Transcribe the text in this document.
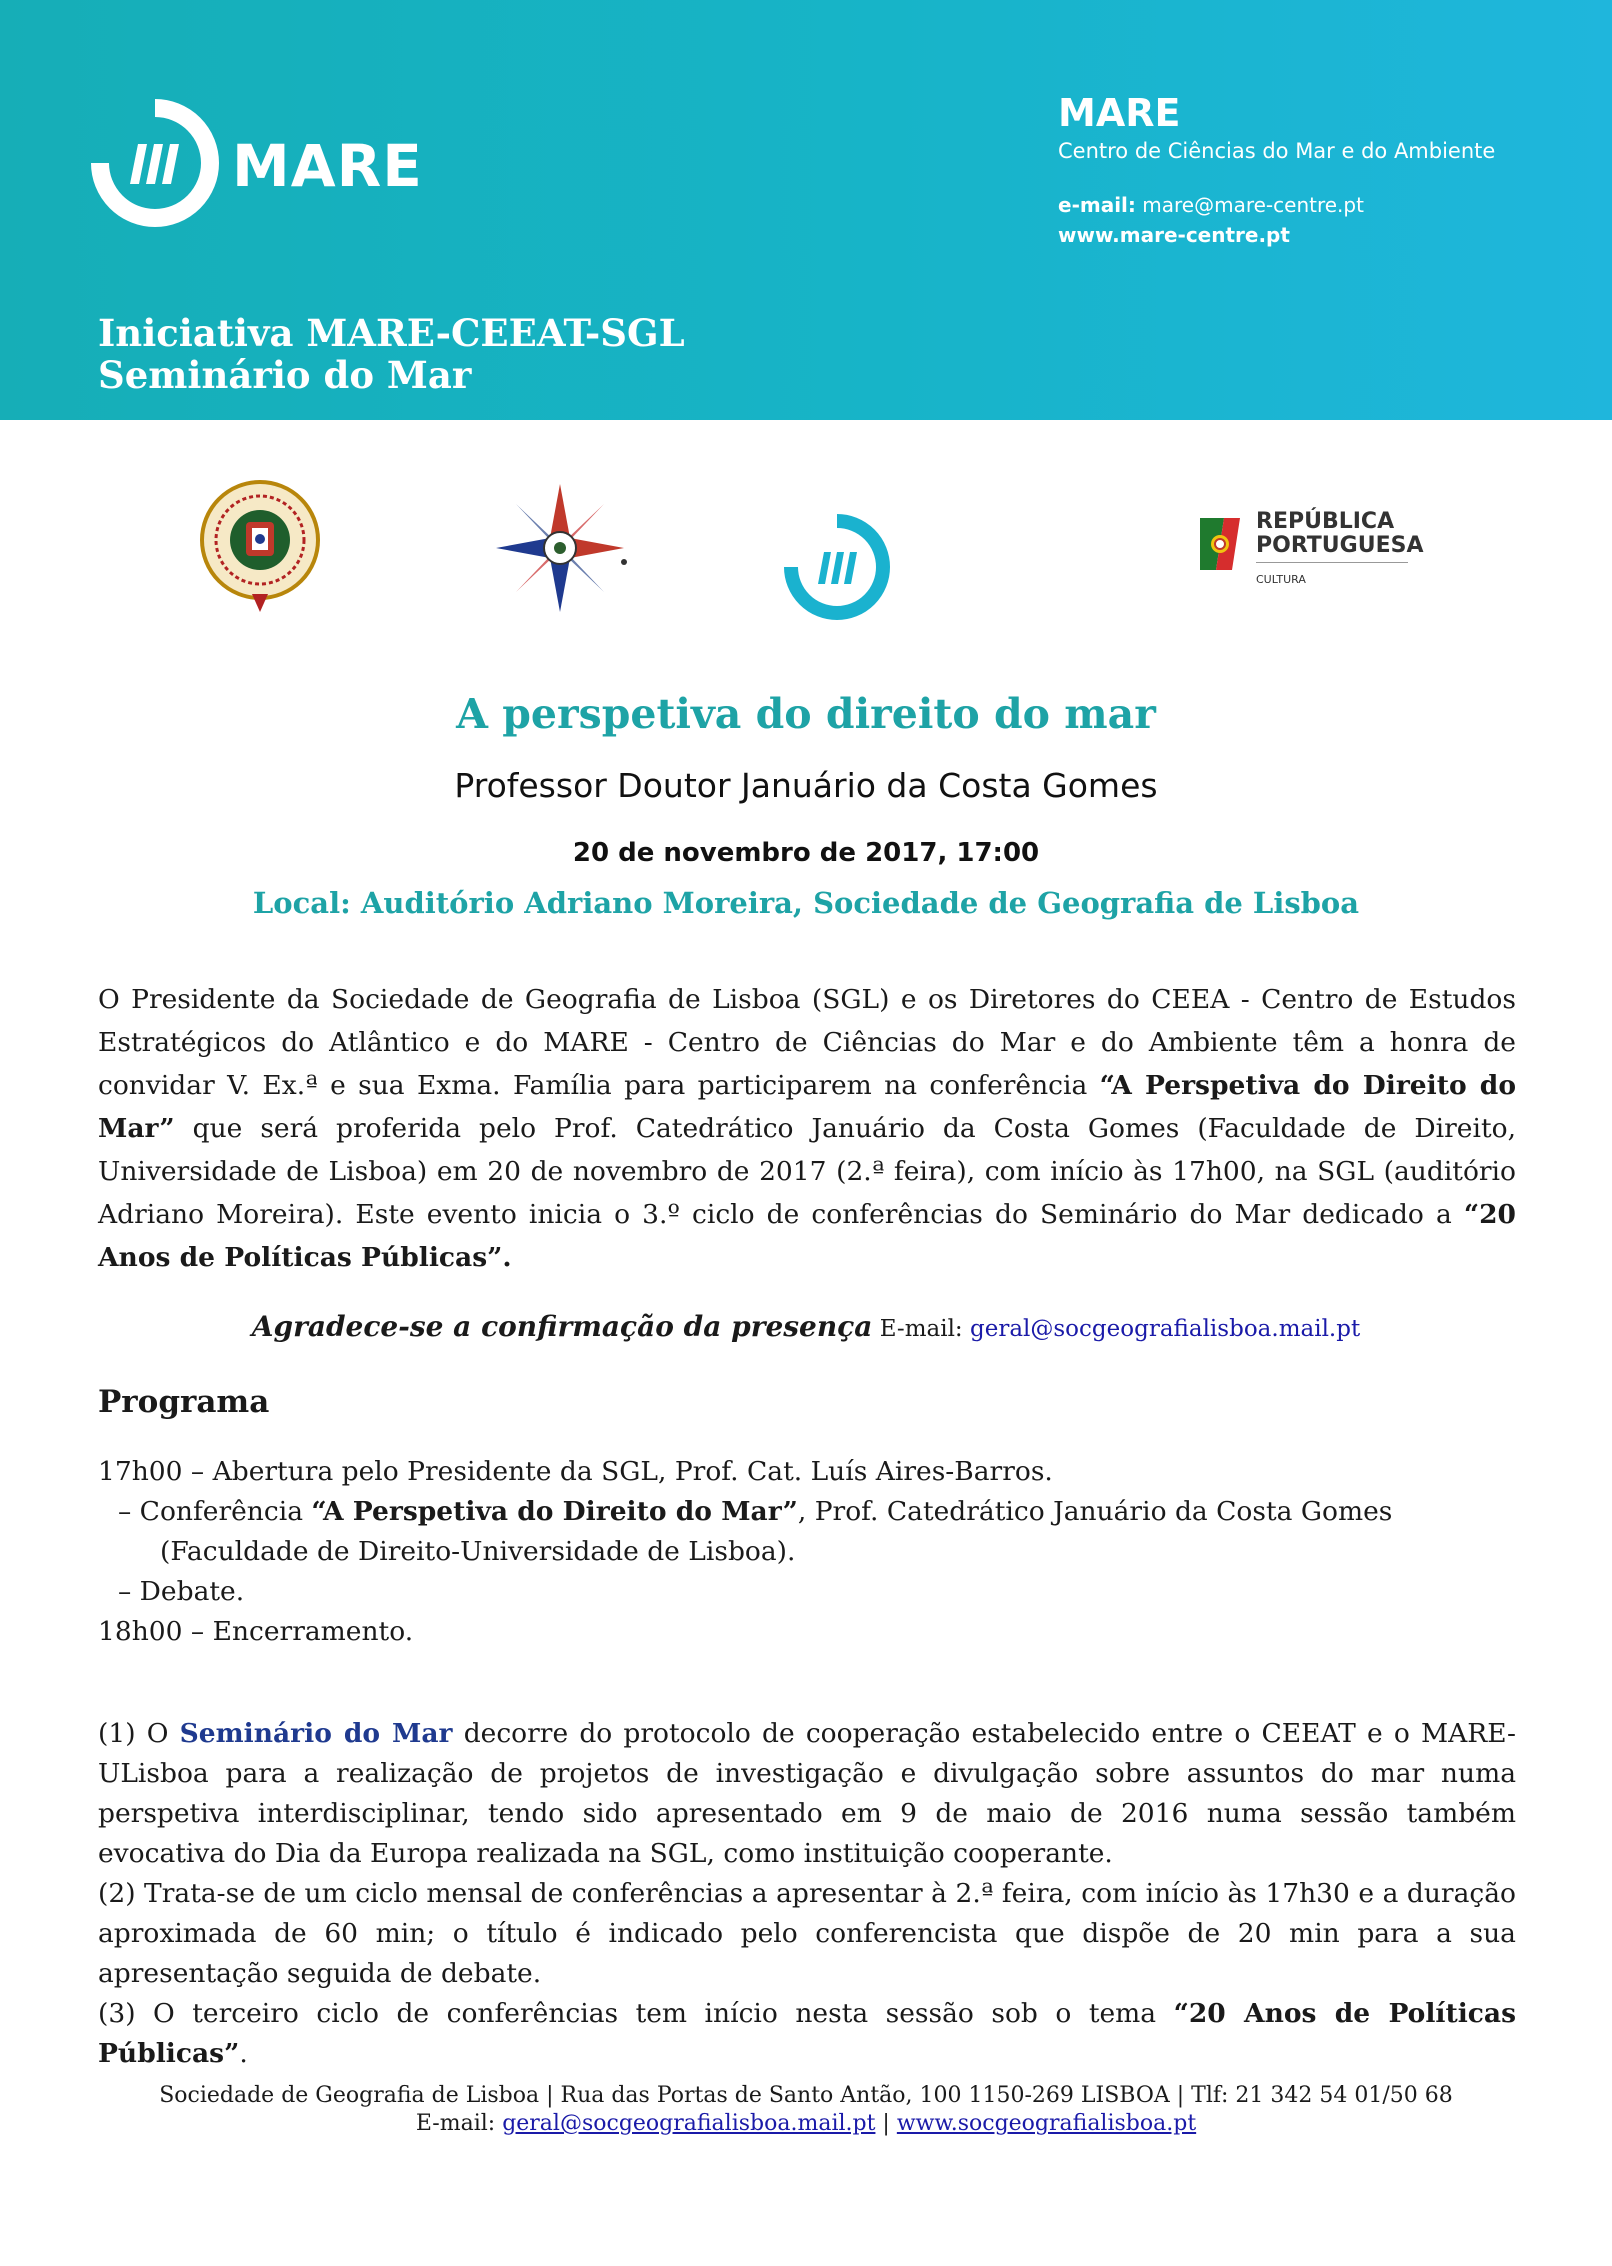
MARE
MARE
Centro de Ciências do Mar e do Ambiente
e-mail: mare@mare-centre.pt
www.mare-centre.pt
Iniciativa MARE-CEEAT-SGL
Seminário do Mar
REPÚBLICA
PORTUGUESA
CULTURA
A perspetiva do direito do mar
Professor Doutor Januário da Costa Gomes
20 de novembro de 2017, 17:00
Local: Auditório Adriano Moreira, Sociedade de Geografia de Lisboa
O Presidente da Sociedade de Geografia de Lisboa (SGL) e os Diretores do CEEA - Centro de Estudos Estratégicos do Atlântico e do MARE - Centro de Ciências do Mar e do Ambiente têm a honra de convidar V. Ex.ª e sua Exma. Família para participarem na conferência “A Perspetiva do Direito do Mar” que será proferida pelo Prof. Catedrático Januário da Costa Gomes (Faculdade de Direito, Universidade de Lisboa) em 20 de novembro de 2017 (2.ª feira), com início às 17h00, na SGL (auditório Adriano Moreira). Este evento inicia o 3.º ciclo de conferências do Seminário do Mar dedicado a “20 Anos de Políticas Públicas”.
Agradece-se a confirmação da presença E-mail: geral@socgeografialisboa.mail.pt
Programa
17h00 – Abertura pelo Presidente da SGL, Prof. Cat. Luís Aires-Barros.
– Conferência “A Perspetiva do Direito do Mar”, Prof. Catedrático Januário da Costa Gomes
(Faculdade de Direito-Universidade de Lisboa).
– Debate.
18h00 – Encerramento.
(1) O Seminário do Mar decorre do protocolo de cooperação estabelecido entre o CEEAT e o MARE-ULisboa para a realização de projetos de investigação e divulgação sobre assuntos do mar numa perspetiva interdisciplinar, tendo sido apresentado em 9 de maio de 2016 numa sessão também evocativa do Dia da Europa realizada na SGL, como instituição cooperante.
(2) Trata-se de um ciclo mensal de conferências a apresentar à 2.ª feira, com início às 17h30 e a duração aproximada de 60 min; o título é indicado pelo conferencista que dispõe de 20 min para a sua apresentação seguida de debate.
(3) O terceiro ciclo de conferências tem início nesta sessão sob o tema “20 Anos de Políticas Públicas”.
Sociedade de Geografia de Lisboa | Rua das Portas de Santo Antão, 100 1150-269 LISBOA | Tlf: 21 342 54 01/50 68
E-mail: geral@socgeografialisboa.mail.pt | www.socgeografialisboa.pt
